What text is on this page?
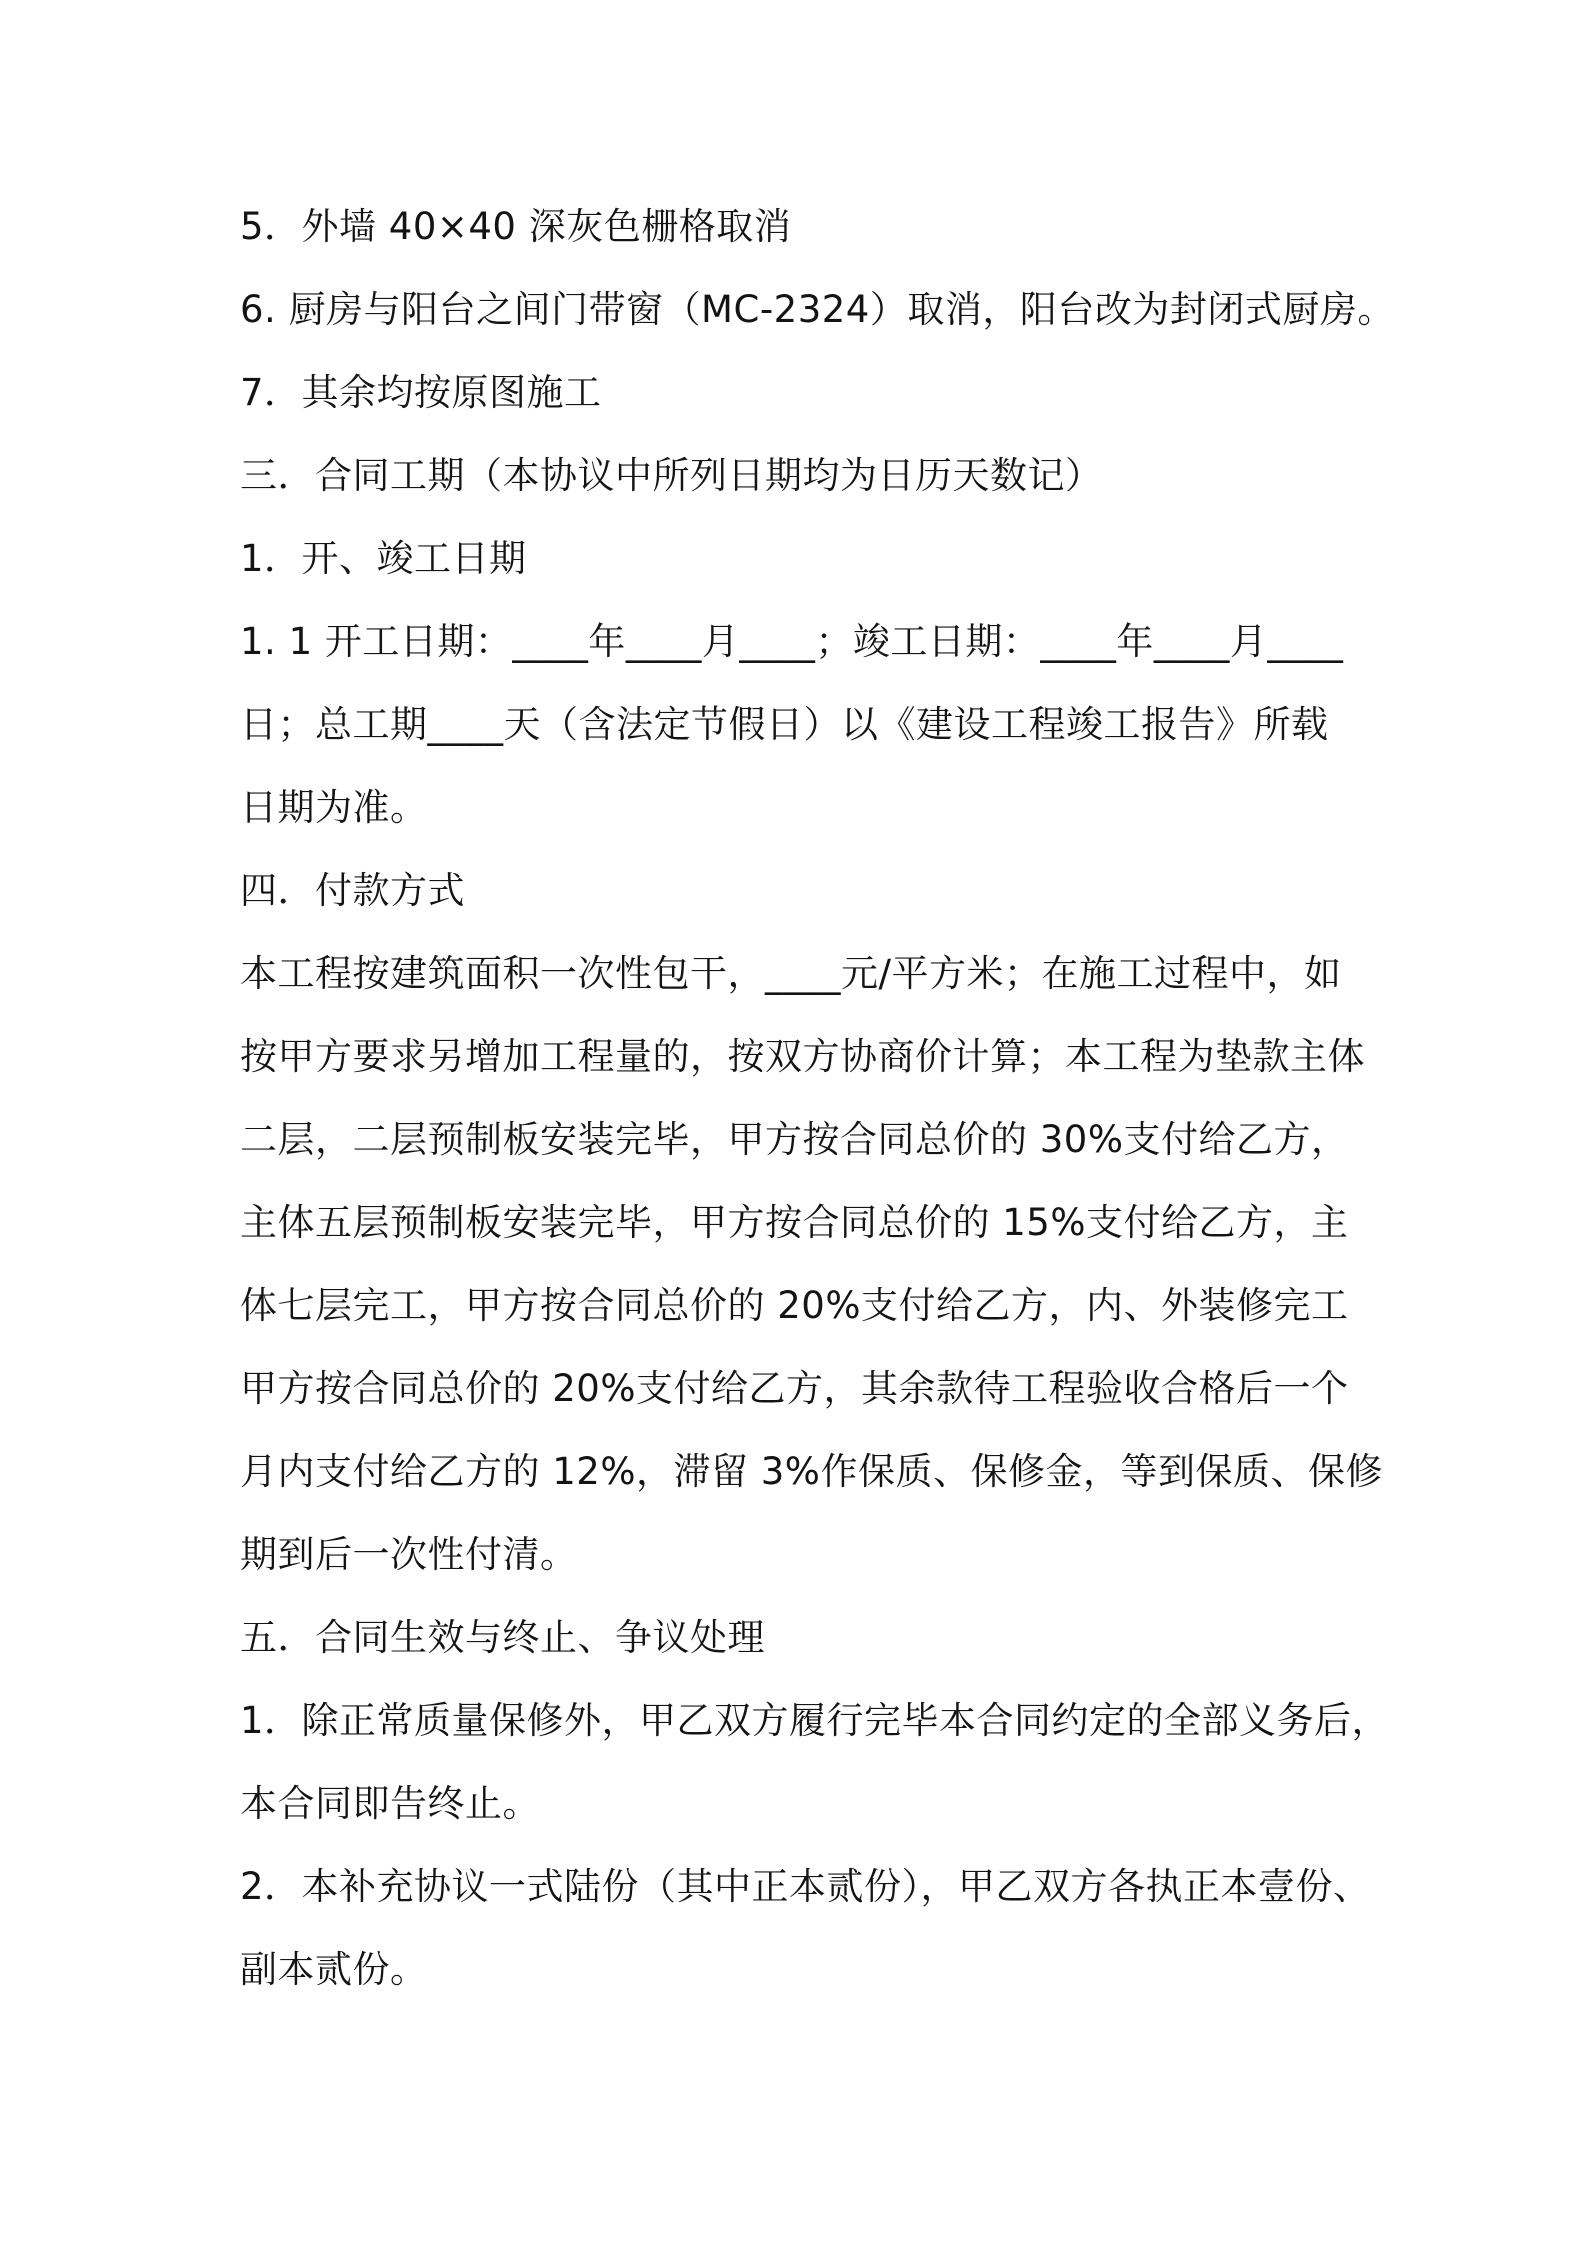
5．外墙 40×40 深灰色栅格取消
6. 厨房与阳台之间门带窗（MC-2324）取消，阳台改为封闭式厨房。
7．其余均按原图施工
三．合同工期（本协议中所列日期均为日历天数记）
1．开、竣工日期
1. 1 开工日期：____年____月____；竣工日期：____年____月____
日；总工期____天（含法定节假日）以《建设工程竣工报告》所载
日期为准。
四．付款方式
本工程按建筑面积一次性包干，____元/平方米；在施工过程中，如
按甲方要求另增加工程量的，按双方协商价计算；本工程为垫款主体
二层，二层预制板安装完毕，甲方按合同总价的 30%支付给乙方，
主体五层预制板安装完毕，甲方按合同总价的 15%支付给乙方，主
体七层完工，甲方按合同总价的 20%支付给乙方，内、外装修完工
甲方按合同总价的 20%支付给乙方，其余款待工程验收合格后一个
月内支付给乙方的 12%，滞留 3%作保质、保修金，等到保质、保修
期到后一次性付清。
五．合同生效与终止、争议处理
1．除正常质量保修外，甲乙双方履行完毕本合同约定的全部义务后，
本合同即告终止。
2．本补充协议一式陆份（其中正本贰份），甲乙双方各执正本壹份、
副本贰份。
